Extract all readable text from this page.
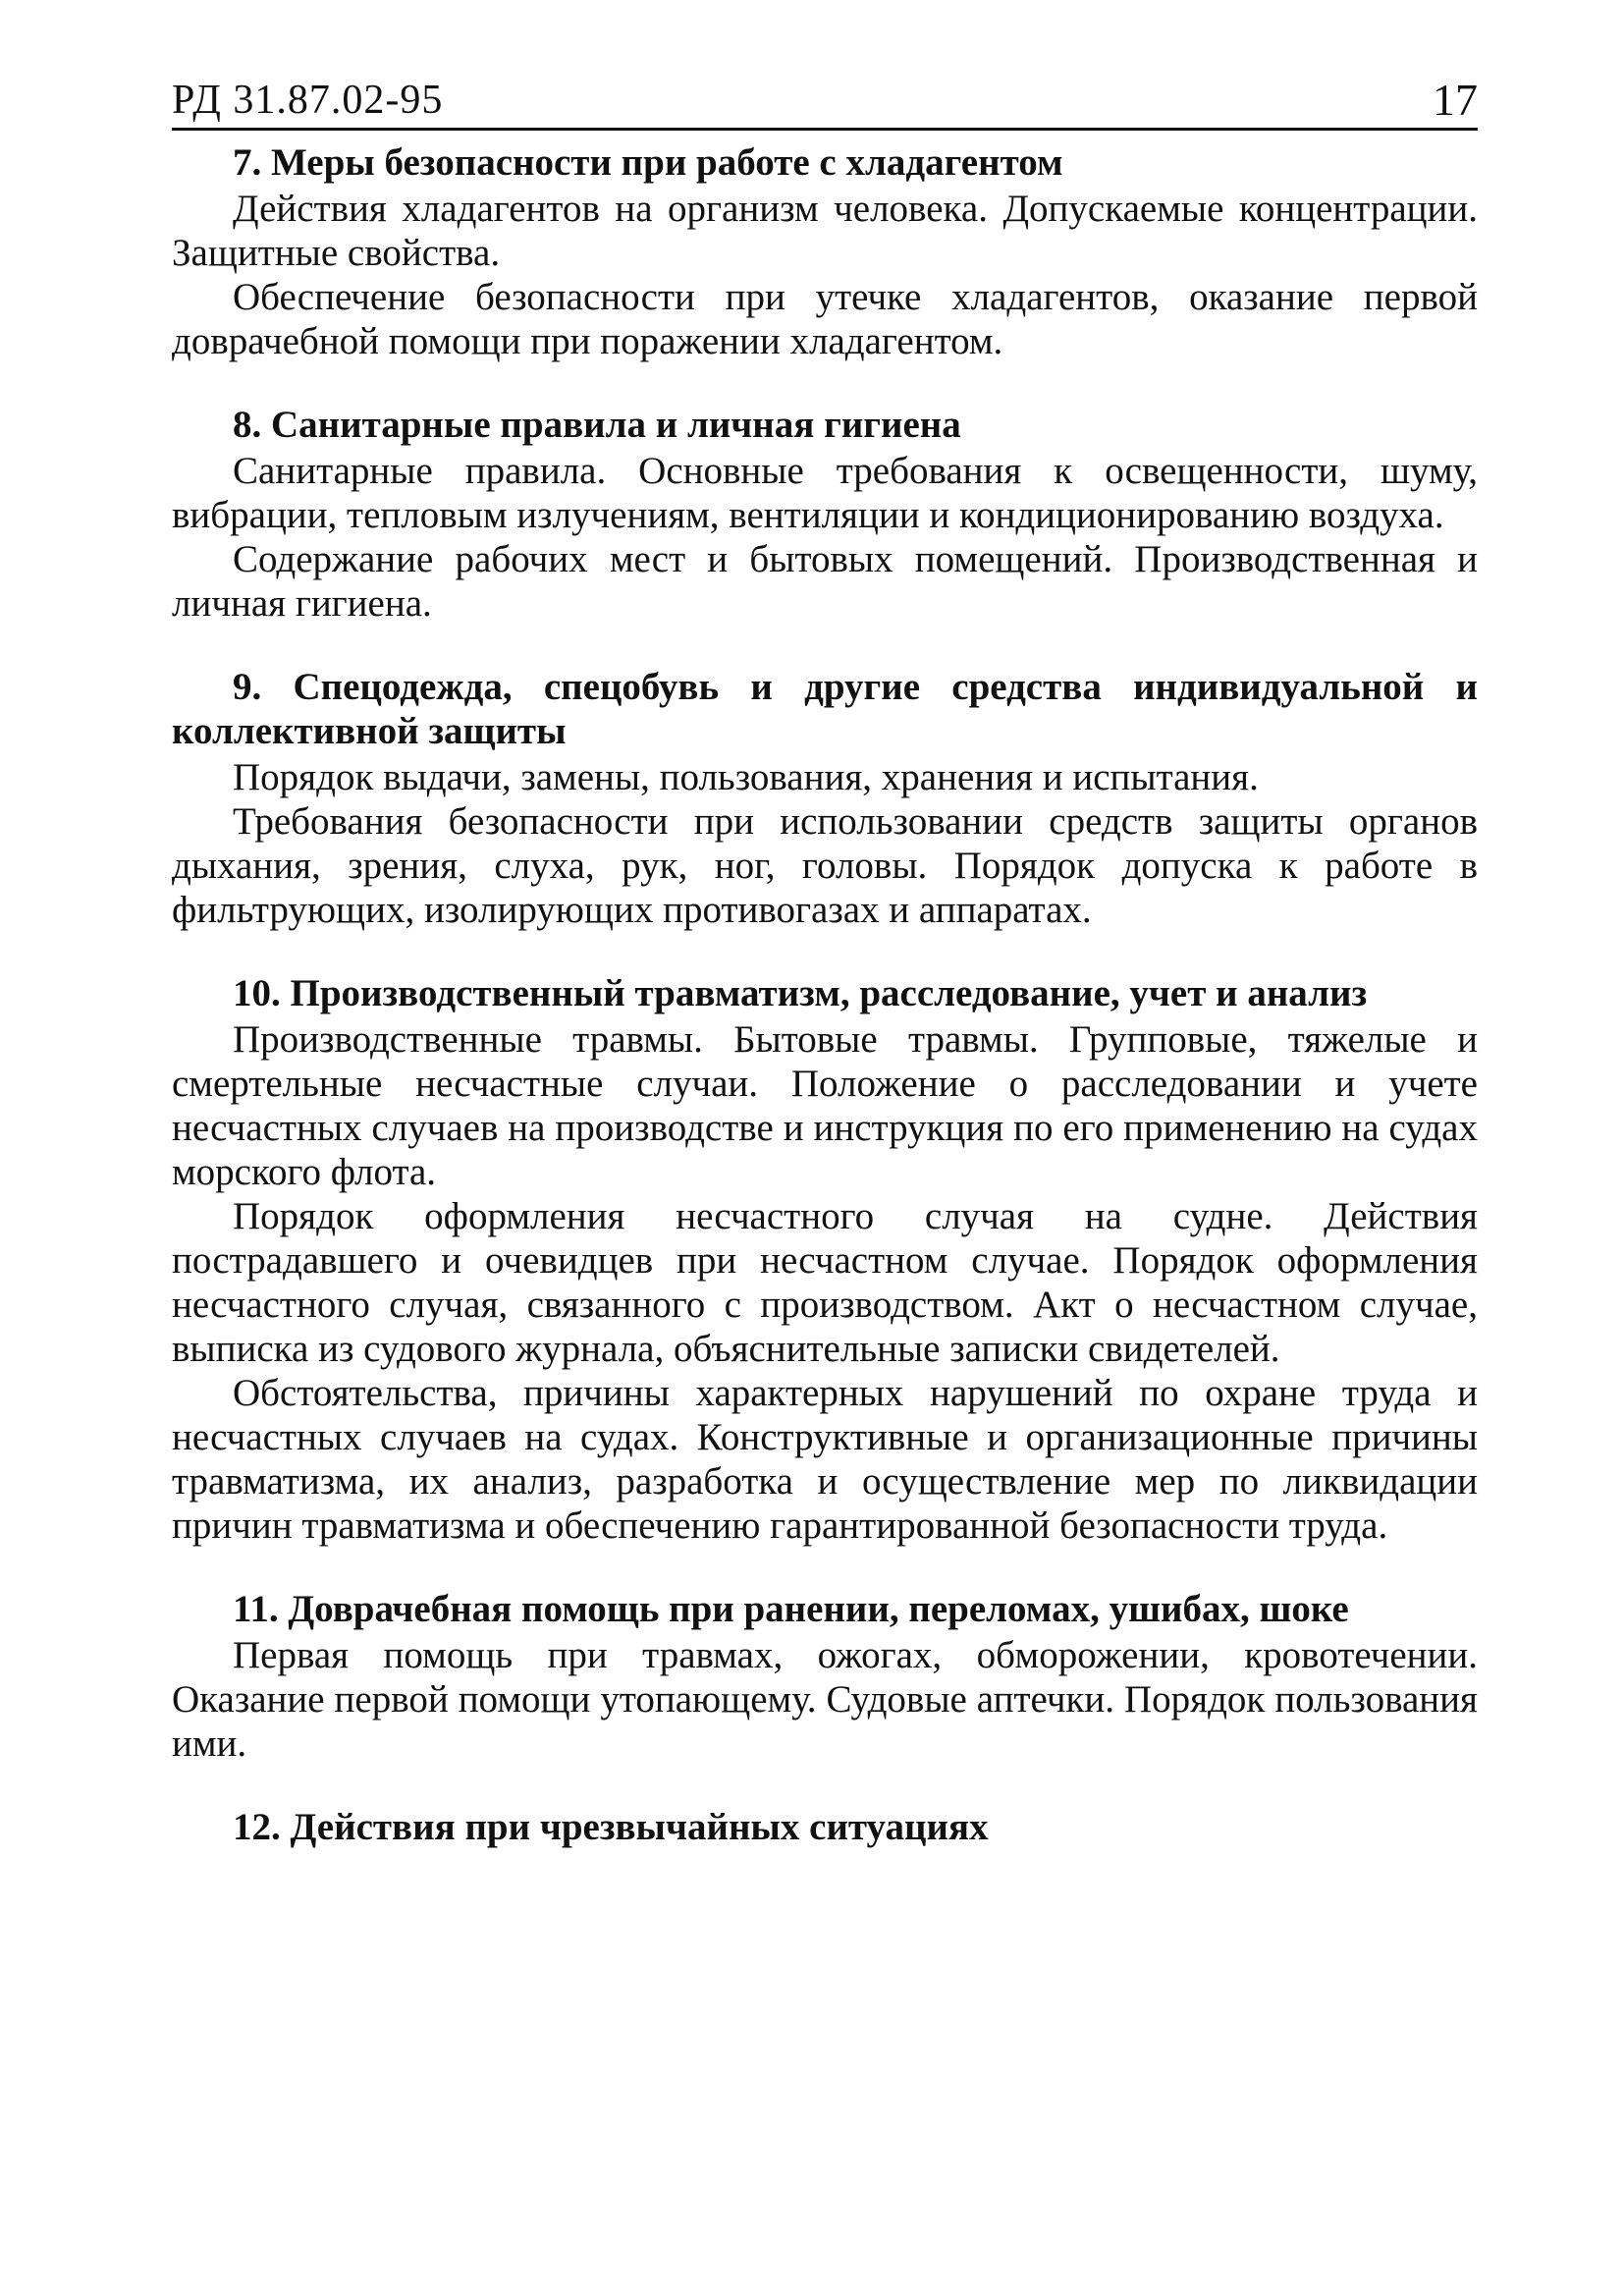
РД 31.87.02-95	17
7. Меры безопасности при работе с хладагентом

Действия хладагентов на организм человека. Допускаемые концентрации. Защитные свойства.

Обеспечение безопасности при утечке хладагентов, оказание первой доврачебной помощи при поражении хладагентом.

8. Санитарные правила и личная гигиена

Санитарные правила. Основные требования к освещенности, шуму, вибрации, тепловым излучениям, вентиляции и кондиционированию воздуха.

Содержание рабочих мест и бытовых помещений. Производственная и личная гигиена.

9. Спецодежда, спецобувь и другие средства индивидуальной и коллективной защиты

Порядок выдачи, замены, пользования, хранения и испытания.

Требования безопасности при использовании средств защиты органов дыхания, зрения, слуха, рук, ног, головы. Порядок допуска к работе в фильтрующих, изолирующих противогазах и аппаратах.

10. Производственный травматизм, расследование, учет и анализ

Производственные травмы. Бытовые травмы. Групповые, тяжелые и смертельные несчастные случаи. Положение о расследовании и учете несчастных случаев на производстве и инструкция по его применению на судах морского флота.

Порядок оформления несчастного случая на судне. Действия пострадавшего и очевидцев при несчастном случае. Порядок оформления несчастного случая, связанного с производством. Акт о несчастном случае, выписка из судового журнала, объяснительные записки свидетелей.

Обстоятельства, причины характерных нарушений по охране труда и несчастных случаев на судах. Конструктивные и организационные причины травматизма, их анализ, разработка и осуществление мер по ликвидации причин травматизма и обеспечению гарантированной безопасности труда.

11. Доврачебная помощь при ранении, переломах, ушибах, шоке

Первая помощь при травмах, ожогах, обморожении, кровотечении. Оказание первой помощи утопающему. Судовые аптечки. Порядок пользования ими.

12. Действия при чрезвычайных ситуациях
